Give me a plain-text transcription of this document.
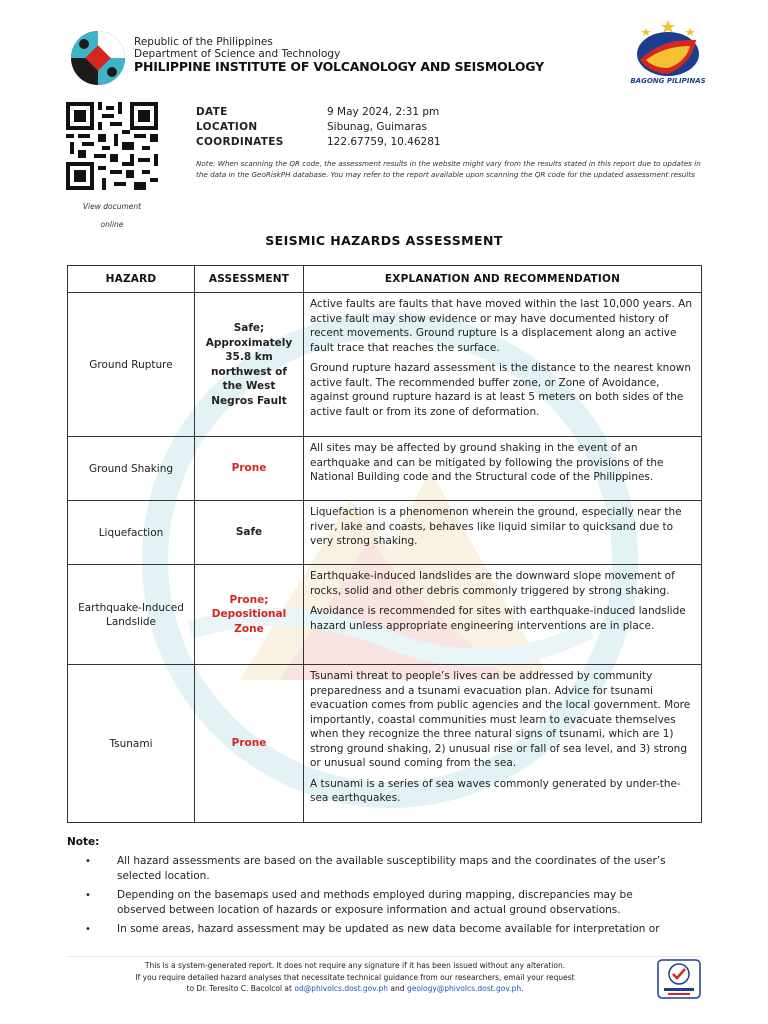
Republic of the Philippines
Department of Science and Technology
PHILIPPINE INSTITUTE OF VOLCANOLOGY AND SEISMOLOGY
BAGONG PILIPINAS
View document
online
DATE	9 May 2024, 2:31 pm
LOCATION	Sibunag, Guimaras
COORDINATES	122.67759, 10.46281
Note: When scanning the QR code, the assessment results in the website might vary from the results stated in this report due to updates in the data in the GeoRiskPH database. You may refer to the report available upon scanning the QR code for the updated assessment results
SEISMIC HAZARDS ASSESSMENT
HAZARD	ASSESSMENT	EXPLANATION AND RECOMMENDATION
Ground Rupture	Safe; Approximately 35.8 km northwest of the West Negros Fault	Active faults are faults that have moved within the last 10,000 years. An active fault may show evidence or may have documented history of recent movements. Ground rupture is a displacement along an active fault trace that reaches the surface.

Ground rupture hazard assessment is the distance to the nearest known active fault. The recommended buffer zone, or Zone of Avoidance, against ground rupture hazard is at least 5 meters on both sides of the active fault or from its zone of deformation.

Ground Shaking	Prone	All sites may be affected by ground shaking in the event of an earthquake and can be mitigated by following the provisions of the National Building code and the Structural code of the Philippines.

Liquefaction	Safe	Liquefaction is a phenomenon wherein the ground, especially near the river, lake and coasts, behaves like liquid similar to quicksand due to very strong shaking.

Earthquake-Induced Landslide	Prone; Depositional Zone	Earthquake-induced landslides are the downward slope movement of rocks, solid and other debris commonly triggered by strong shaking.

Avoidance is recommended for sites with earthquake-induced landslide hazard unless appropriate engineering interventions are in place.

Tsunami	Prone	Tsunami threat to people’s lives can be addressed by community preparedness and a tsunami evacuation plan. Advice for tsunami evacuation comes from public agencies and the local government. More importantly, coastal communities must learn to evacuate themselves when they recognize the three natural signs of tsunami, which are 1) strong ground shaking, 2) unusual rise or fall of sea level, and 3) strong or unusual sound coming from the sea.

A tsunami is a series of sea waves commonly generated by under-the-sea earthquakes.

Note:
• All hazard assessments are based on the available susceptibility maps and the coordinates of the user’s selected location.
• Depending on the basemaps used and methods employed during mapping, discrepancies may be observed between location of hazards or exposure information and actual ground observations.
• In some areas, hazard assessment may be updated as new data become available for interpretation or
This is a system-generated report. It does not require any signature if it has been issued without any alteration.
If you require detailed hazard analyses that necessitate technical guidance from our researchers, email your request
to Dr. Teresito C. Bacolcol at od@phivolcs.dost.gov.ph and geology@phivolcs.dost.gov.ph.
